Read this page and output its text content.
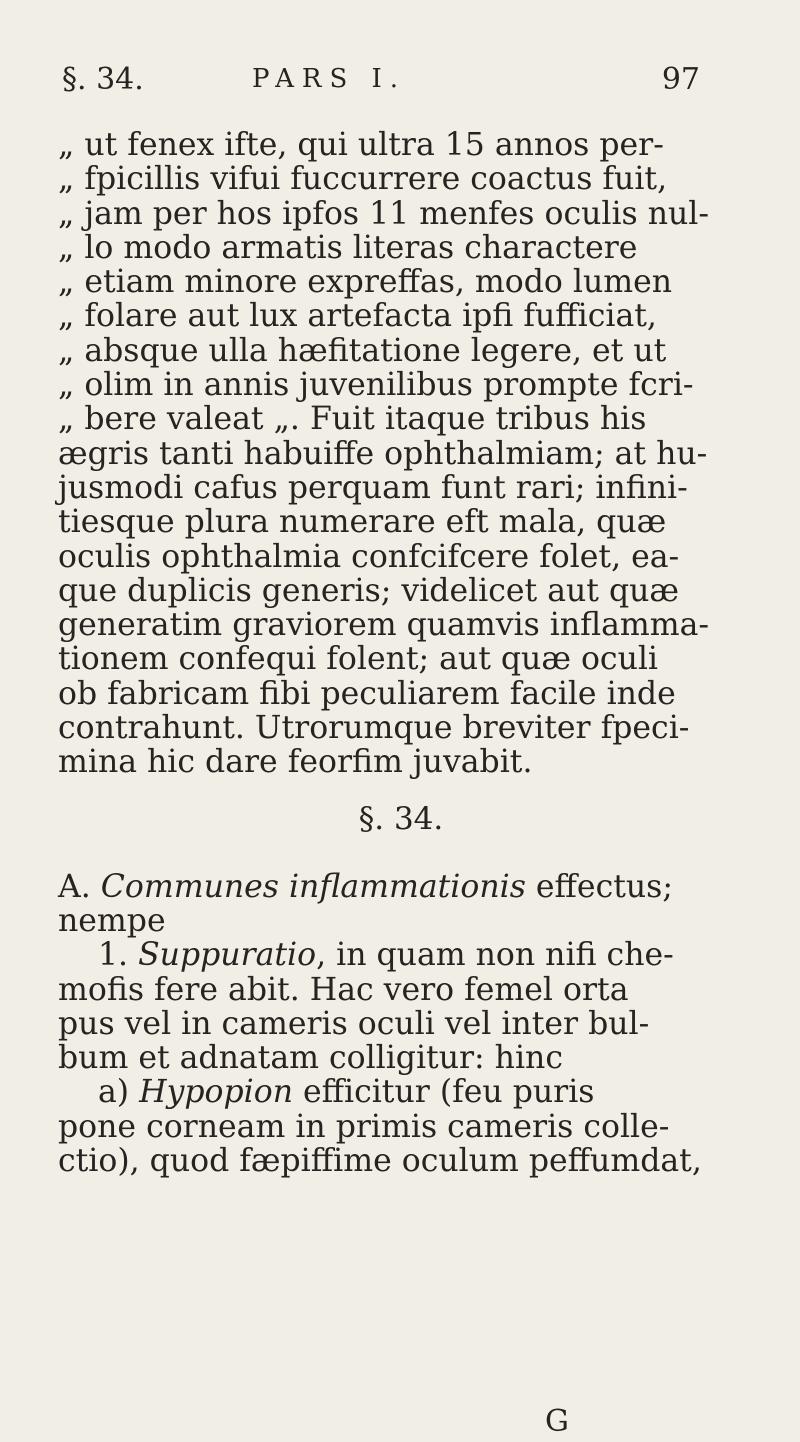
§. 34.	PARS I.	97
„ ut fenex ifte, qui ultra 15 annos per-
„ fpicillis vifui fuccurrere coactus fuit,
„ jam per hos ipfos 11 menfes oculis nul-
„ lo modo armatis literas charactere
„ etiam minore expreffas, modo lumen
„ folare aut lux artefacta ipfi fufficiat,
„ absque ulla hæfitatione legere, et ut
„ olim in annis juvenilibus prompte fcri-
„ bere valeat „. Fuit itaque tribus his
ægris tanti habuiffe ophthalmiam; at hu-
jusmodi cafus perquam funt rari; infini-
tiesque plura numerare eft mala, quæ
oculis ophthalmia confcifcere folet, ea-
que duplicis generis; videlicet aut quæ
generatim graviorem quamvis inflamma-
tionem confequi folent; aut quæ oculi
ob fabricam fibi peculiarem facile inde
contrahunt. Utrorumque breviter fpeci-
mina hic dare feorfim juvabit.
§. 34.
A. Communes inflammationis effectus;
nempe
1. Suppuratio, in quam non nifi che-
mofis fere abit. Hac vero femel orta
pus vel in cameris oculi vel inter bul-
bum et adnatam colligitur: hinc
a) Hypopion efficitur (feu puris
pone corneam in primis cameris colle-
ctio), quod fæpiffime oculum peffumdat,
G
